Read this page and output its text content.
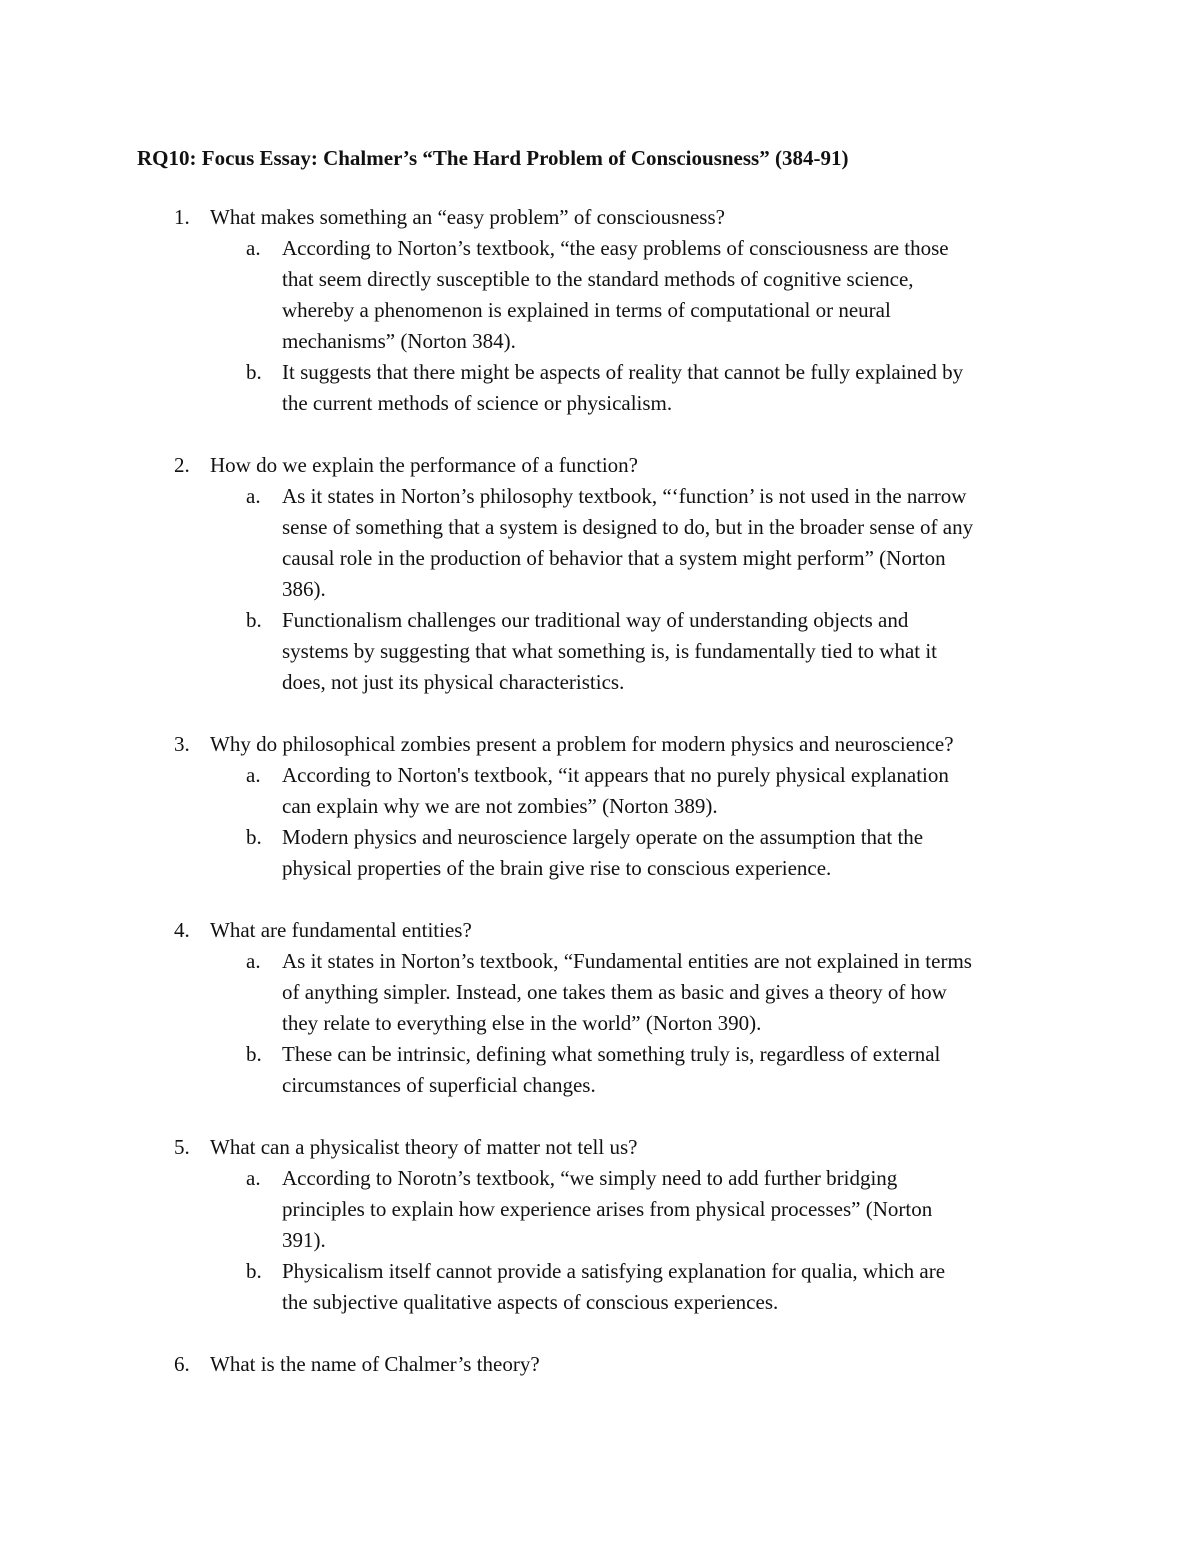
RQ10: Focus Essay: Chalmer’s “The Hard Problem of Consciousness” (384-91)
1. What makes something an “easy problem” of consciousness?
a. According to Norton’s textbook, “the easy problems of consciousness are those
that seem directly susceptible to the standard methods of cognitive science,
whereby a phenomenon is explained in terms of computational or neural
mechanisms” (Norton 384).
b. It suggests that there might be aspects of reality that cannot be fully explained by
the current methods of science or physicalism.
2. How do we explain the performance of a function?
a. As it states in Norton’s philosophy textbook, “‘function’ is not used in the narrow
sense of something that a system is designed to do, but in the broader sense of any
causal role in the production of behavior that a system might perform” (Norton
386).
b. Functionalism challenges our traditional way of understanding objects and
systems by suggesting that what something is, is fundamentally tied to what it
does, not just its physical characteristics.
3. Why do philosophical zombies present a problem for modern physics and neuroscience?
a. According to Norton's textbook, “it appears that no purely physical explanation
can explain why we are not zombies” (Norton 389).
b. Modern physics and neuroscience largely operate on the assumption that the
physical properties of the brain give rise to conscious experience.
4. What are fundamental entities?
a. As it states in Norton’s textbook, “Fundamental entities are not explained in terms
of anything simpler. Instead, one takes them as basic and gives a theory of how
they relate to everything else in the world” (Norton 390).
b. These can be intrinsic, defining what something truly is, regardless of external
circumstances of superficial changes.
5. What can a physicalist theory of matter not tell us?
a. According to Norotn’s textbook, “we simply need to add further bridging
principles to explain how experience arises from physical processes” (Norton
391).
b. Physicalism itself cannot provide a satisfying explanation for qualia, which are
the subjective qualitative aspects of conscious experiences.
6. What is the name of Chalmer’s theory?
